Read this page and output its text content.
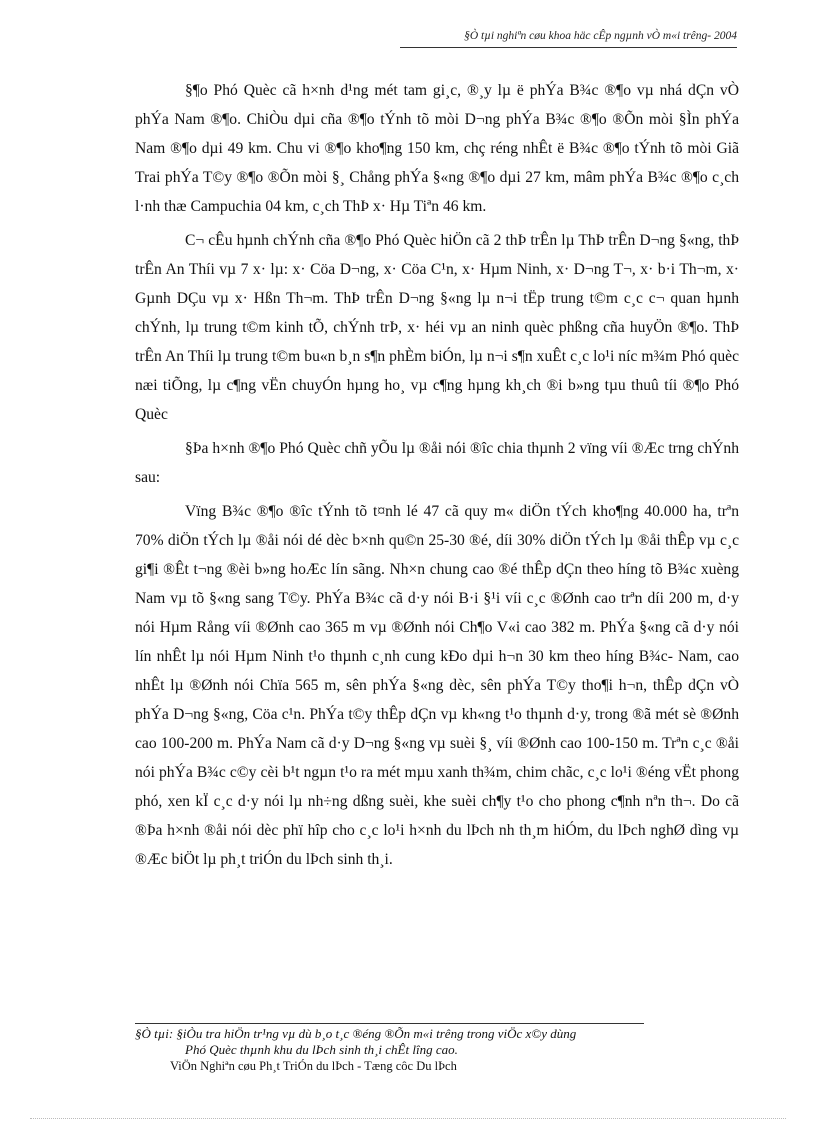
§Ò tµi nghiªn cøu khoa häc cÊp ngµnh vÒ m«i trêng- 2004

§¶o Phó Quèc cã h×nh d¹ng mét tam gi¸c, ®¸y lµ ë phÝa B¾c ®¶o vµ nhá dÇn vÒ phÝa Nam ®¶o. ChiÒu dµi cña ®¶o tÝnh tõ mòi D¬ng phÝa B¾c ®¶o ®Õn mòi §Ìn phÝa Nam ®¶o dµi 49 km. Chu vi ®¶o kho¶ng 150 km, chç réng nhÊt ë B¾c ®¶o tÝnh tõ mòi Giã Trai phÝa T©y ®¶o ®Õn mòi §¸ Chång phÝa §«ng ®¶o dµi 27 km, mâm phÝa B¾c ®¶o c¸ch l·nh thæ Campuchia 04 km, c¸ch ThÞ x· Hµ Tiªn 46 km.

C¬ cÊu hµnh chÝnh cña ®¶o Phó Quèc hiÖn cã 2 thÞ trÊn lµ ThÞ trÊn D¬ng §«ng, thÞ trÊn An Thíi vµ 7 x· lµ: x· Cöa D¬ng, x· Cöa C¹n, x· Hµm Ninh, x· D¬ng T¬, x· b·i Th¬m, x· Gµnh DÇu vµ x· Hßn Th¬m. ThÞ trÊn D¬ng §«ng lµ n¬i tËp trung t©m c¸c c¬ quan hµnh chÝnh, lµ trung t©m kinh tÕ, chÝnh trÞ, x· héi vµ an ninh quèc phßng cña huyÖn ®¶o. ThÞ trÊn An Thíi lµ trung t©m bu«n b¸n s¶n phÈm biÓn, lµ n¬i s¶n xuÊt c¸c lo¹i níc m¾m Phó quèc næi tiÕng, lµ c¶ng vËn chuyÓn hµng ho¸ vµ c¶ng hµng kh¸ch ®i b»ng tµu thuû tíi ®¶o Phó Quèc

§Þa h×nh ®¶o Phó Quèc chñ yÕu lµ ®åi nói ®îc chia thµnh 2 vïng víi ®Æc trng chÝnh sau:

Vïng B¾c ®¶o ®îc tÝnh tõ t¤nh lé 47 cã quy m« diÖn tÝch kho¶ng 40.000 ha, trªn 70% diÖn tÝch lµ ®åi nói dé dèc b×nh qu©n 25-30 ®é, díi 30% diÖn tÝch lµ ®åi thÊp vµ c¸c gi¶i ®Êt t¬ng ®èi b»ng hoÆc lín sãng. Nh×n chung cao ®é thÊp dÇn theo híng tõ B¾c xuèng Nam vµ tõ §«ng sang T©y. PhÝa B¾c cã d·y nói B·i §¹i víi c¸c ®Ønh cao trªn díi 200 m, d·y nói Hµm Rång víi ®Ønh cao 365 m vµ ®Ønh nói Ch¶o V«i cao 382 m. PhÝa §«ng cã d·y nói lín nhÊt lµ nói Hµm Ninh t¹o thµnh c¸nh cung kÐo dµi h¬n 30 km theo híng B¾c- Nam, cao nhÊt lµ ®Ønh nói Chïa 565 m, sên phÝa §«ng dèc, sên phÝa T©y tho¶i h¬n, thÊp dÇn vÒ phÝa D¬ng §«ng, Cöa c¹n. PhÝa t©y thÊp dÇn vµ kh«ng t¹o thµnh d·y, trong ®ã mét sè ®Ønh cao 100-200 m. PhÝa Nam cã d·y D¬ng §«ng vµ suèi §¸ víi ®Ønh cao 100-150 m. Trªn c¸c ®åi nói phÝa B¾c c©y cèi b¹t ngµn t¹o ra mét mµu xanh th¾m, chim chãc, c¸c lo¹i ®éng vËt phong phó, xen kÏ c¸c d·y nói lµ nh÷ng dßng suèi, khe suèi ch¶y t¹o cho phong c¶nh nªn th¬. Do cã ®Þa h×nh ®åi nói dèc phï hîp cho c¸c lo¹i h×nh du lÞch nh th¸m hiÓm, du lÞch nghØ dìng vµ ®Æc biÖt lµ ph¸t triÓn du lÞch sinh th¸i.

§Ò tµi: §iÒu tra hiÖn tr¹ng vµ dù b¸o t¸c ®éng ®Õn m«i trêng trong viÖc x©y dùng
Phó Quèc thµnh khu du lÞch sinh th¸i chÊt lîng cao.
ViÖn Nghiªn cøu Ph¸t TriÓn du lÞch - Tæng côc Du lÞch
